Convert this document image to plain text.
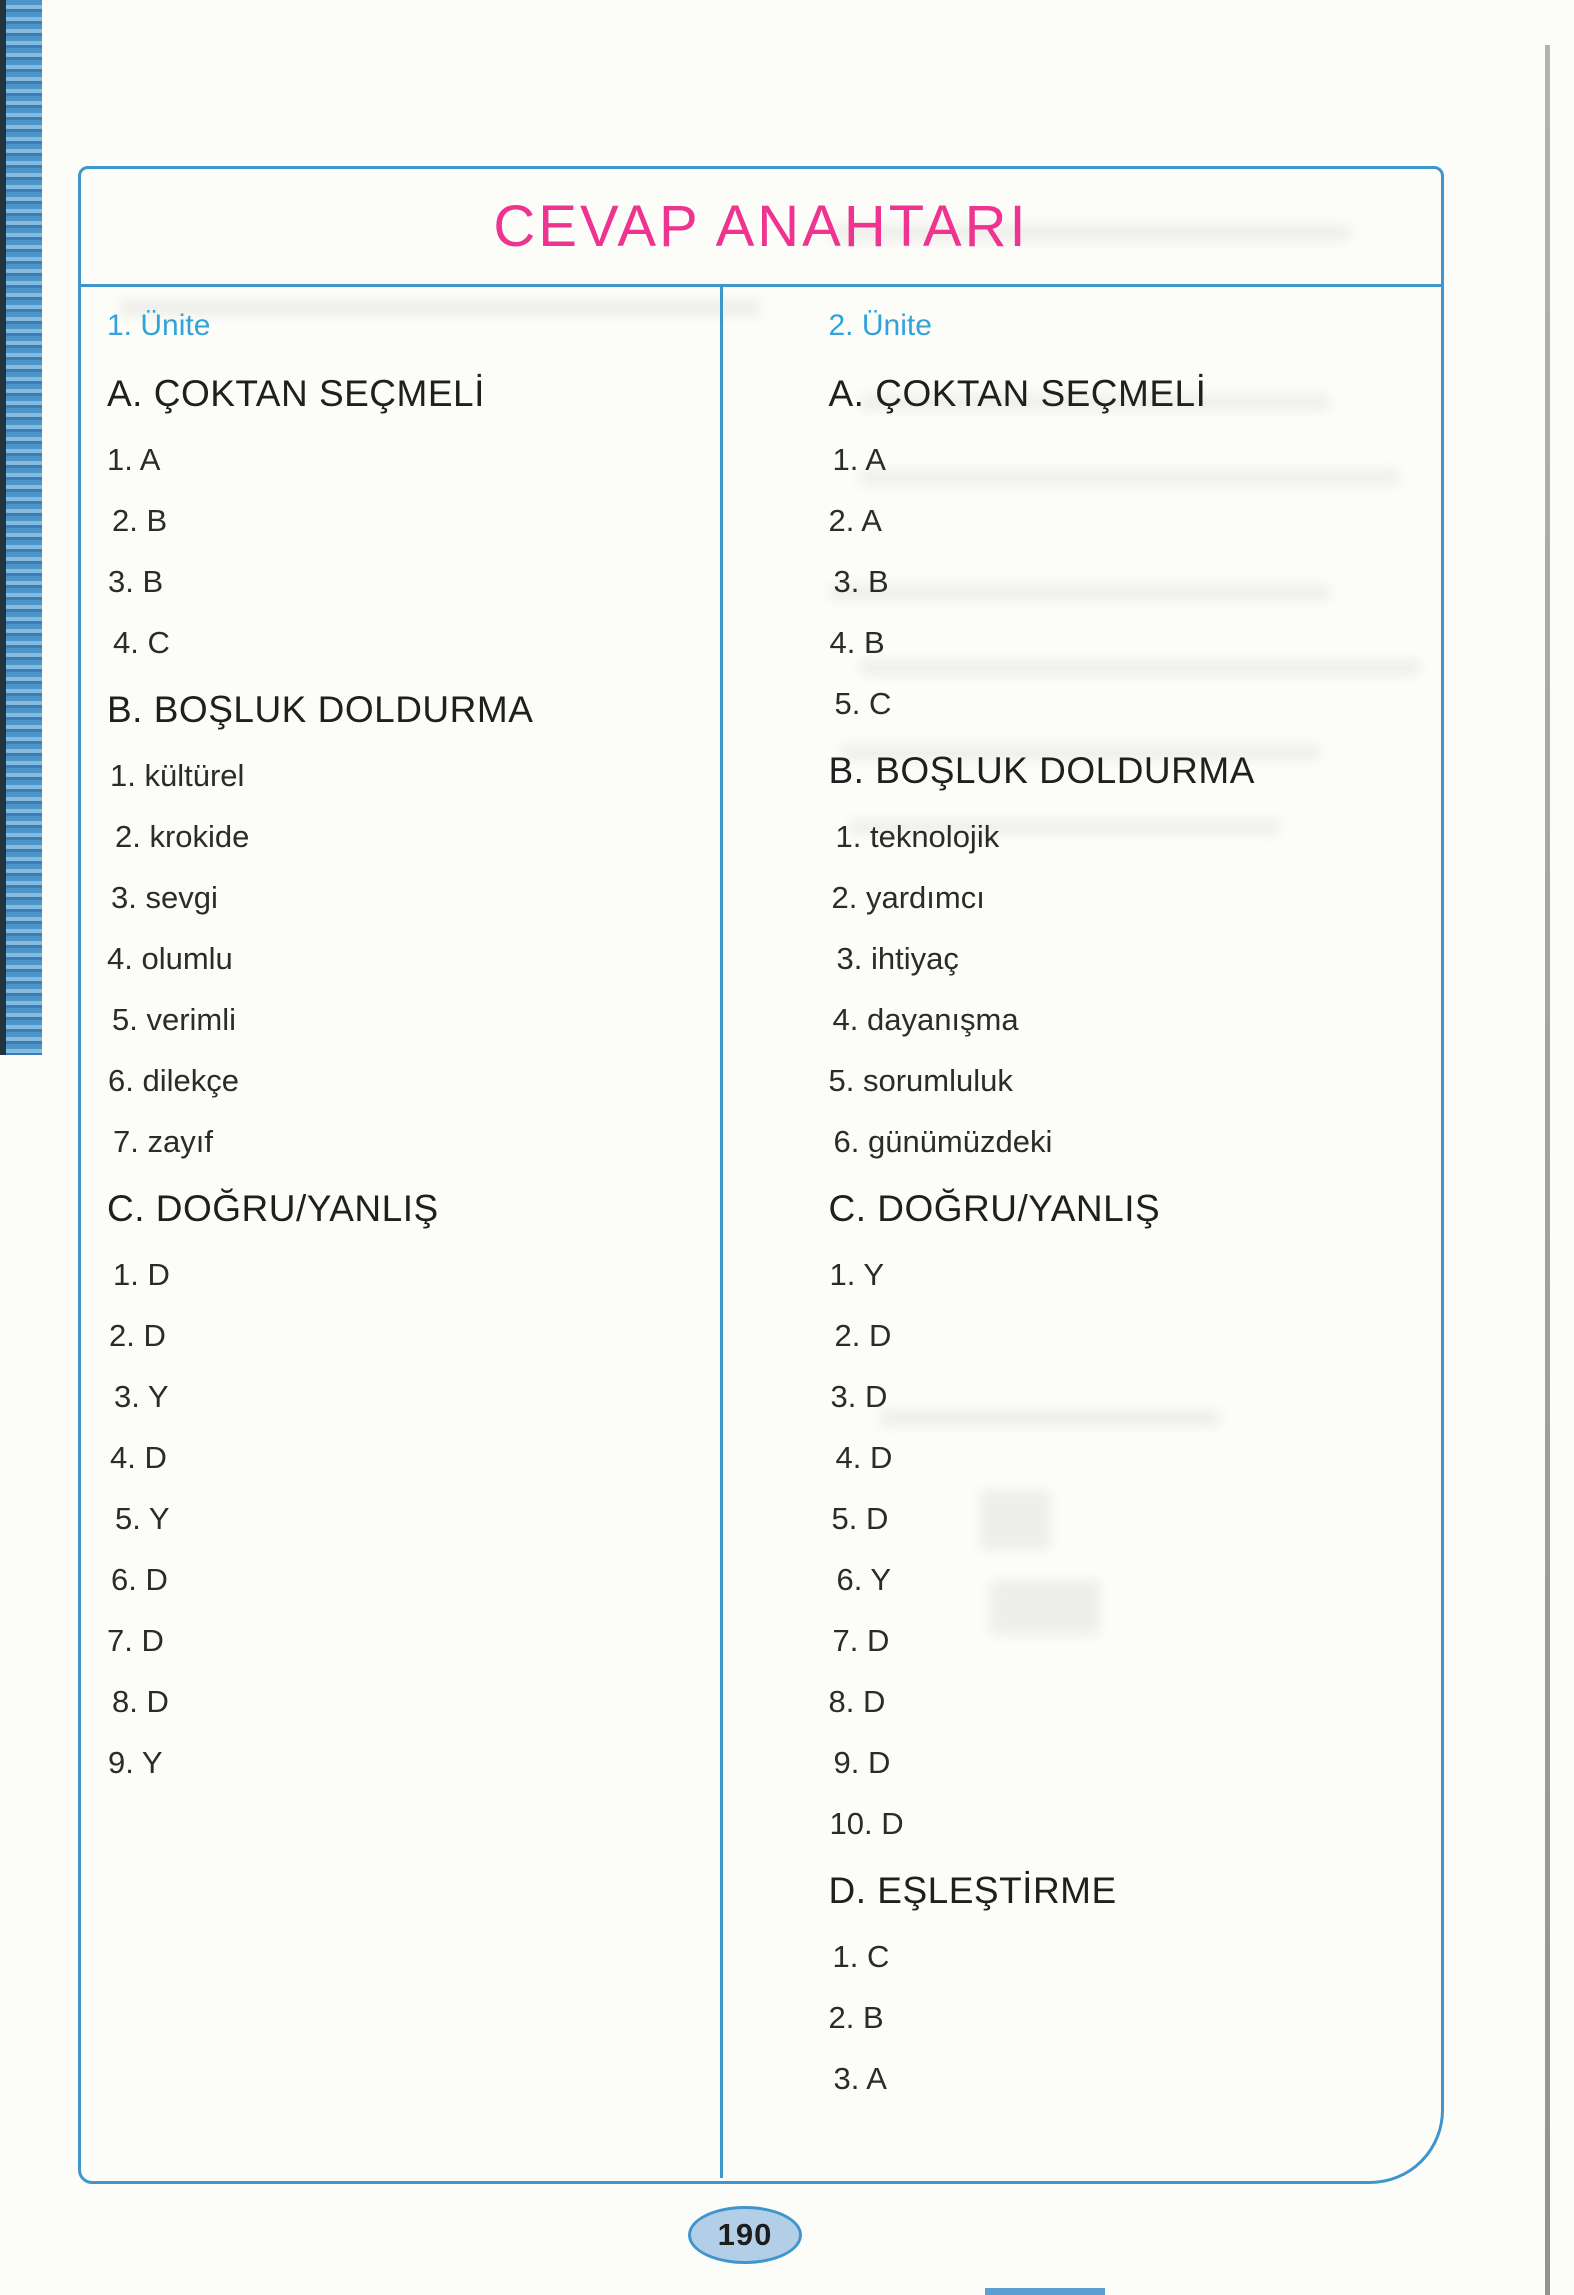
CEVAP ANAHTARI
1. Ünite
A. ÇOKTAN SEÇMELİ
1. A
2. B
3. B
4. C
B. BOŞLUK DOLDURMA
1. kültürel
2. krokide
3. sevgi
4. olumlu
5. verimli
6. dilekçe
7. zayıf
C. DOĞRU/YANLIŞ
1. D
2. D
3. Y
4. D
5. Y
6. D
7. D
8. D
9. Y
2. Ünite
A. ÇOKTAN SEÇMELİ
1. A
2. A
3. B
4. B
5. C
B. BOŞLUK DOLDURMA
1. teknolojik
2. yardımcı
3. ihtiyaç
4. dayanışma
5. sorumluluk
6. günümüzdeki
C. DOĞRU/YANLIŞ
1. Y
2. D
3. D
4. D
5. D
6. Y
7. D
8. D
9. D
10. D
D. EŞLEŞTİRME
1. C
2. B
3. A
190
